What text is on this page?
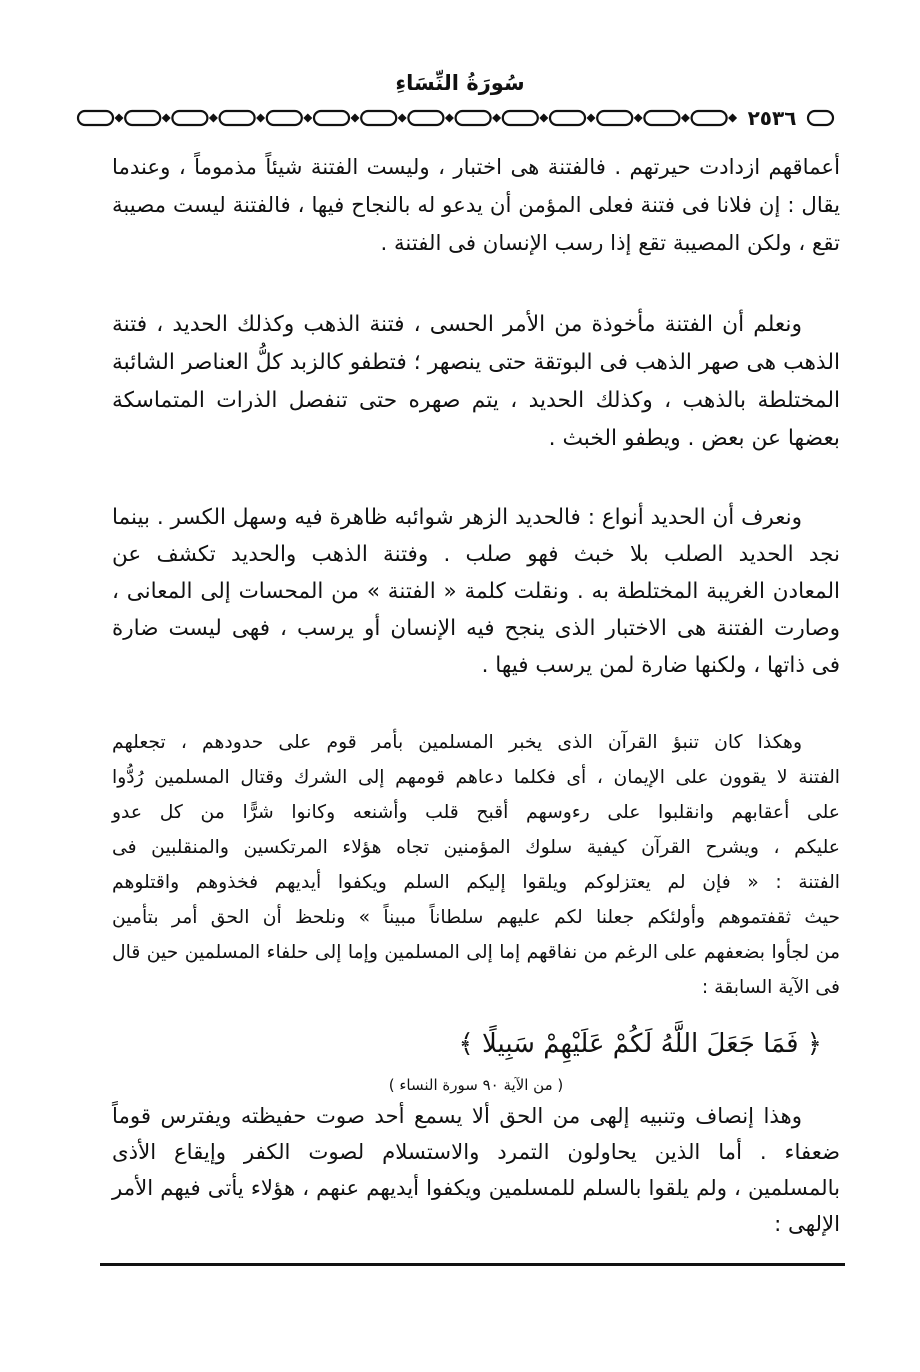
سُورَةُ النِّسَاءِ
٢٥٣٦
أعماقهم ازدادت حيرتهم . فالفتنة هى اختبار ، وليست الفتنة شيئاً مذموماً ، وعندما
يقال : إن فلانا فى فتنة فعلى المؤمن أن يدعو له بالنجاح فيها ، فالفتنة ليست مصيبة
تقع ، ولكن المصيبة تقع إذا رسب الإنسان فى الفتنة .
ونعلم أن الفتنة مأخوذة من الأمر الحسى ، فتنة الذهب وكذلك الحديد ، فتنة
الذهب هى صهر الذهب فى البوتقة حتى ينصهر ؛ فتطفو كالزبد كلُّ العناصر الشائبة
المختلطة بالذهب ، وكذلك الحديد ، يتم صهره حتى تنفصل الذرات المتماسكة
بعضها عن بعض . ويطفو الخبث .
ونعرف أن الحديد أنواع : فالحديد الزهر شوائبه ظاهرة فيه وسهل الكسر . بينما
نجد الحديد الصلب بلا خبث فهو صلب . وفتنة الذهب والحديد تكشف عن
المعادن الغريبة المختلطة به . ونقلت كلمة « الفتنة » من المحسات إلى المعانى ،
وصارت الفتنة هى الاختبار الذى ينجح فيه الإنسان أو يرسب ، فهى ليست ضارة
فى ذاتها ، ولكنها ضارة لمن يرسب فيها .
وهكذا كان تنبؤ القرآن الذى يخبر المسلمين بأمر قوم على حدودهم ، تجعلهم
الفتنة لا يقوون على الإيمان ، أى فكلما دعاهم قومهم إلى الشرك وقتال المسلمين رُدُّوا
على أعقابهم وانقلبوا على رءوسهم أقبح قلب وأشنعه وكانوا شرًّا من كل عدو
عليكم ، ويشرح القرآن كيفية سلوك المؤمنين تجاه هؤلاء المرتكسين والمنقلبين فى
الفتنة : « فإن لم يعتزلوكم ويلقوا إليكم السلم ويكفوا أيديهم فخذوهم واقتلوهم
حيث ثقفتموهم وأولئكم جعلنا لكم عليهم سلطاناً مبيناً » ونلحظ أن الحق أمر بتأمين
من لجأوا بضعفهم على الرغم من نفاقهم إما إلى المسلمين وإما إلى حلفاء المسلمين حين قال
فى الآية السابقة :
﴿ فَمَا جَعَلَ اللَّهُ لَكُمْ عَلَيْهِمْ سَبِيلًا ﴾
( من الآية ٩٠ سورة النساء )
وهذا إنصاف وتنبيه إلهى من الحق ألا يسمع أحد صوت حفيظته ويفترس قوماً
ضعفاء . أما الذين يحاولون التمرد والاستسلام لصوت الكفر وإيقاع الأذى
بالمسلمين ، ولم يلقوا بالسلم للمسلمين ويكفوا أيديهم عنهم ، هؤلاء يأتى فيهم الأمر
الإلهى :
